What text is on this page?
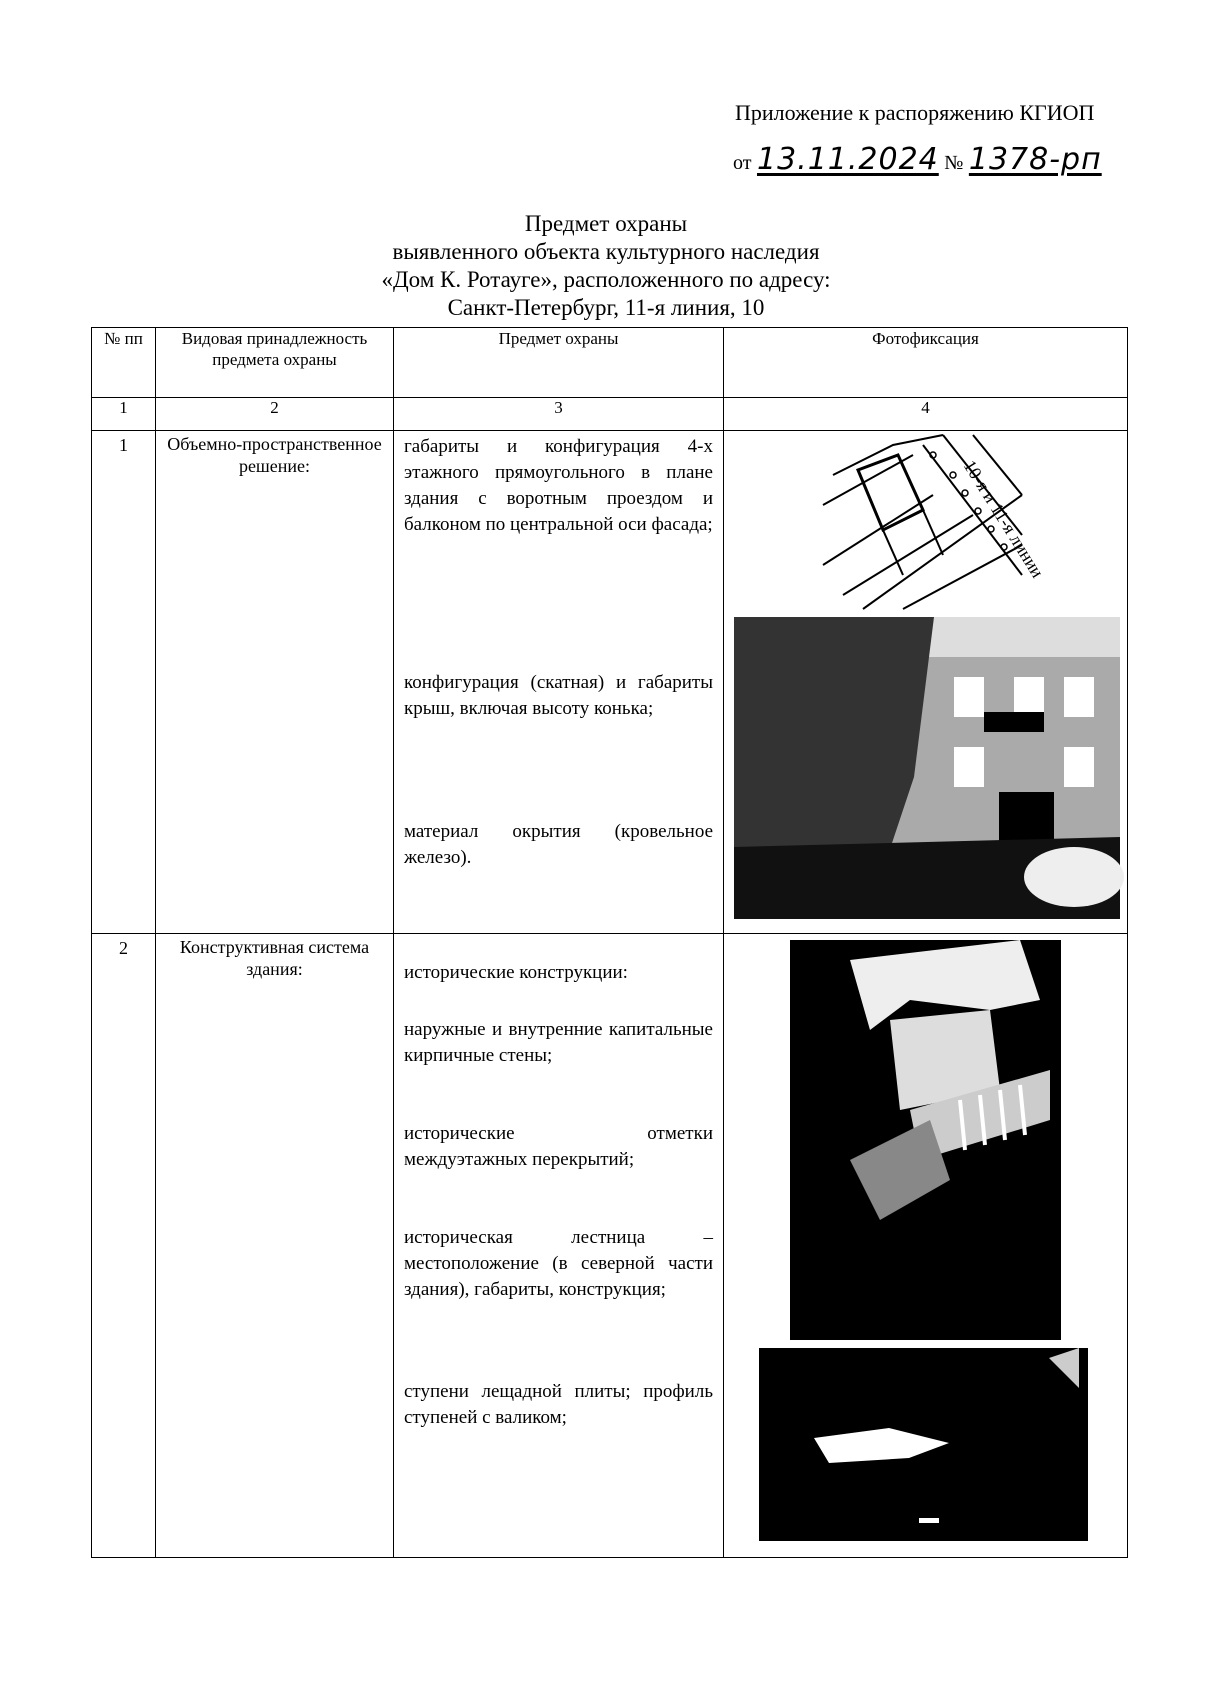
Приложение к распоряжению КГИОП
от 13.11.2024 № 1378-рп
Предмет охраны
выявленного объекта культурного наследия
«Дом К. Ротауге», расположенного по адресу:
Санкт-Петербург, 11-я линия, 10
№ пп	Видовая принадлежность предмета охраны	Предмет охраны	Фотофиксация
1	2	3	4
1	Объемно-пространственное решение:	габариты и конфигурация 4-х этажного прямоугольного в плане здания с воротным проездом и балконом по центральной оси фасада;
конфигурация (скатная) и габариты крыш, включая высоту конька;
материал окрытия (кровельное железо).	10-я и 11-я линии

2	Конструктивная система здания:	исторические конструкции:
наружные и внутренние капитальные кирпичные стены;
исторические отметки междуэтажных перекрытий;
историческая лестница – местоположение (в северной части здания), габариты, конструкция;
ступени лещадной плиты; профиль ступеней с валиком;
